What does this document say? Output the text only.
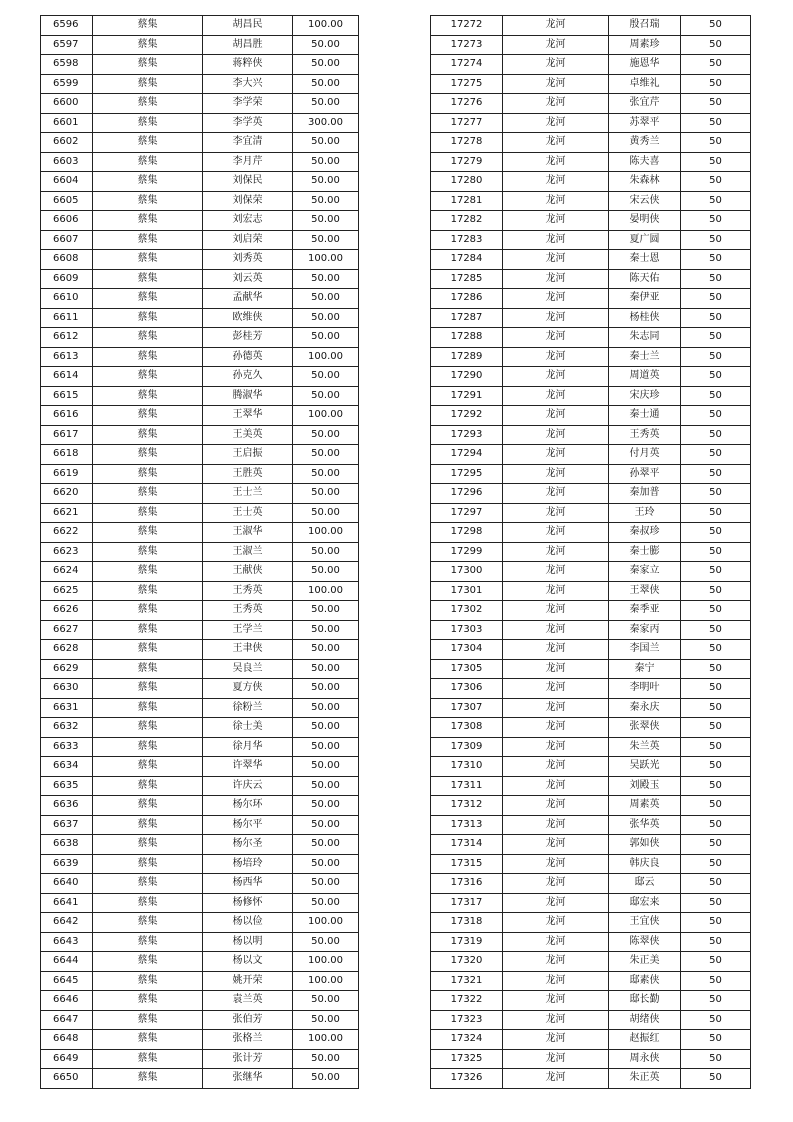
6596	蔡集	胡昌民	100.00
6597	蔡集	胡昌胜	50.00
6598	蔡集	蒋粹侠	50.00
6599	蔡集	李大兴	50.00
6600	蔡集	李学荣	50.00
6601	蔡集	李学英	300.00
6602	蔡集	李宜清	50.00
6603	蔡集	李月芹	50.00
6604	蔡集	刘保民	50.00
6605	蔡集	刘保荣	50.00
6606	蔡集	刘宏志	50.00
6607	蔡集	刘启荣	50.00
6608	蔡集	刘秀英	100.00
6609	蔡集	刘云英	50.00
6610	蔡集	孟献华	50.00
6611	蔡集	欧维侠	50.00
6612	蔡集	彭桂芳	50.00
6613	蔡集	孙德英	100.00
6614	蔡集	孙克久	50.00
6615	蔡集	腾淑华	50.00
6616	蔡集	王翠华	100.00
6617	蔡集	王美英	50.00
6618	蔡集	王启振	50.00
6619	蔡集	王胜英	50.00
6620	蔡集	王士兰	50.00
6621	蔡集	王士英	50.00
6622	蔡集	王淑华	100.00
6623	蔡集	王淑兰	50.00
6624	蔡集	王献侠	50.00
6625	蔡集	王秀英	100.00
6626	蔡集	王秀英	50.00
6627	蔡集	王学兰	50.00
6628	蔡集	王聿侠	50.00
6629	蔡集	吴良兰	50.00
6630	蔡集	夏方侠	50.00
6631	蔡集	徐粉兰	50.00
6632	蔡集	徐士美	50.00
6633	蔡集	徐月华	50.00
6634	蔡集	许翠华	50.00
6635	蔡集	许庆云	50.00
6636	蔡集	杨尔环	50.00
6637	蔡集	杨尔平	50.00
6638	蔡集	杨尔圣	50.00
6639	蔡集	杨培玲	50.00
6640	蔡集	杨西华	50.00
6641	蔡集	杨修怀	50.00
6642	蔡集	杨以俭	100.00
6643	蔡集	杨以明	50.00
6644	蔡集	杨以文	100.00
6645	蔡集	姚开荣	100.00
6646	蔡集	袁兰英	50.00
6647	蔡集	张伯芳	50.00
6648	蔡集	张格兰	100.00
6649	蔡集	张计芳	50.00
6650	蔡集	张继华	50.00
17272	龙河	殷召瑞	50
17273	龙河	周素珍	50
17274	龙河	施恩华	50
17275	龙河	卓维礼	50
17276	龙河	张宜芹	50
17277	龙河	苏翠平	50
17278	龙河	黄秀兰	50
17279	龙河	陈夫喜	50
17280	龙河	朱森林	50
17281	龙河	宋云侠	50
17282	龙河	晏明侠	50
17283	龙河	夏广圆	50
17284	龙河	秦士恩	50
17285	龙河	陈天佑	50
17286	龙河	秦伊亚	50
17287	龙河	杨桂侠	50
17288	龙河	朱志同	50
17289	龙河	秦士兰	50
17290	龙河	周道英	50
17291	龙河	宋庆珍	50
17292	龙河	秦士通	50
17293	龙河	王秀英	50
17294	龙河	付月英	50
17295	龙河	孙翠平	50
17296	龙河	秦加普	50
17297	龙河	王玲	50
17298	龙河	秦叔珍	50
17299	龙河	秦士膨	50
17300	龙河	秦家立	50
17301	龙河	王翠侠	50
17302	龙河	秦季亚	50
17303	龙河	秦家丙	50
17304	龙河	李国兰	50
17305	龙河	秦宁	50
17306	龙河	李明叶	50
17307	龙河	秦永庆	50
17308	龙河	张翠侠	50
17309	龙河	朱兰英	50
17310	龙河	吴跃光	50
17311	龙河	刘殿玉	50
17312	龙河	周素英	50
17313	龙河	张华英	50
17314	龙河	郭如侠	50
17315	龙河	韩庆良	50
17316	龙河	邸云	50
17317	龙河	邸宏来	50
17318	龙河	王宜侠	50
17319	龙河	陈翠侠	50
17320	龙河	朱正美	50
17321	龙河	邸素侠	50
17322	龙河	邸长勤	50
17323	龙河	胡绪侠	50
17324	龙河	赵振红	50
17325	龙河	周永侠	50
17326	龙河	朱正英	50
